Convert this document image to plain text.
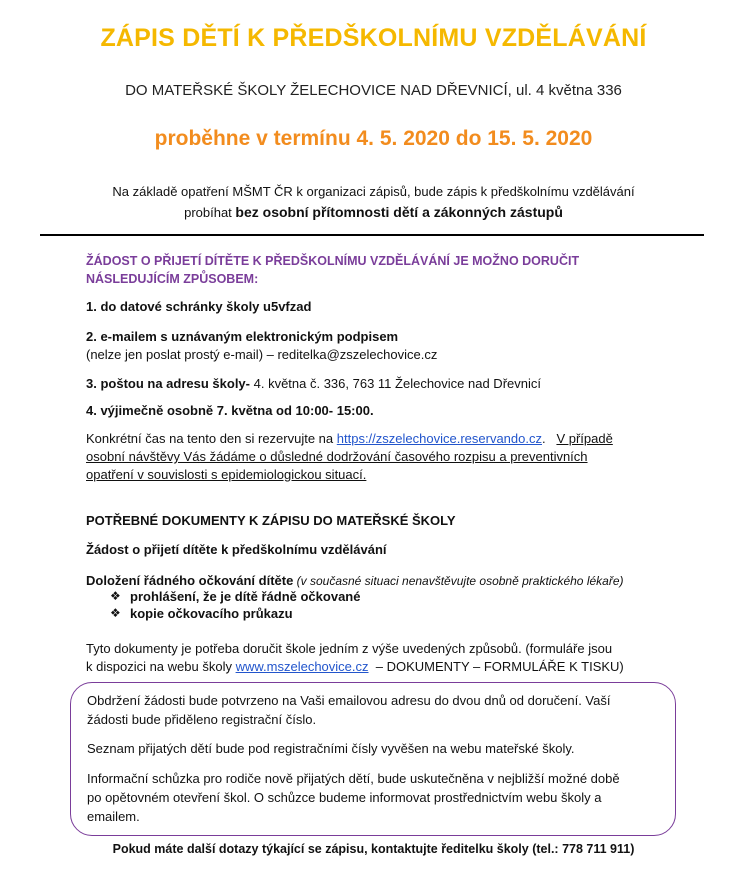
ZÁPIS DĚTÍ K PŘEDŠKOLNÍMU VZDĚLÁVÁNÍ
DO MATEŘSKÉ ŠKOLY ŽELECHOVICE NAD DŘEVNICÍ, ul. 4 května 336
proběhne v termínu 4. 5. 2020 do 15. 5. 2020
Na základě opatření MŠMT ČR k organizaci zápisů, bude zápis k předškolnímu vzdělávání
probíhat bez osobní přítomnosti dětí a zákonných zástupů
ŽÁDOST O PŘIJETÍ DÍTĚTE K PŘEDŠKOLNÍMU VZDĚLÁVÁNÍ JE MOŽNO DORUČIT
NÁSLEDUJÍCÍM ZPŮSOBEM:
1. do datové schránky školy u5vfzad
2. e-mailem s uznávaným elektronickým podpisem
(nelze jen poslat prostý e-mail) – reditelka@zszelechovice.cz
3. poštou na adresu školy- 4. května č. 336, 763 11 Želechovice nad Dřevnicí
4. výjimečně osobně 7. května od 10:00- 15:00.
Konkrétní čas na tento den si rezervujte na https://zszelechovice.reservando.cz.   V případě
osobní návštěvy Vás žádáme o důsledné dodržování časového rozpisu a preventivních
opatření v souvislosti s epidemiologickou situací.
POTŘEBNÉ DOKUMENTY K ZÁPISU DO MATEŘSKÉ ŠKOLY
Žádost o přijetí dítěte k předškolnímu vzdělávání
Doložení řádného očkování dítěte (v současné situaci nenavštěvujte osobně praktického lékaře)
❖ prohlášení, že je dítě řádně očkované
❖ kopie očkovacího průkazu
Tyto dokumenty je potřeba doručit škole jedním z výše uvedených způsobů. (formuláře jsou
k dispozici na webu školy www.mszelechovice.cz  – DOKUMENTY – FORMULÁŘE K TISKU)

Obdržení žádosti bude potvrzeno na Vaši emailovou adresu do dvou dnů od doručení. Vaší
žádosti bude přiděleno registrační číslo.

Seznam přijatých dětí bude pod registračními čísly vyvěšen na webu mateřské školy.

Informační schůzka pro rodiče nově přijatých dětí, bude uskutečněna v nejbližší možné době
po opětovném otevření škol. O schůzce budeme informovat prostřednictvím webu školy a
emailem.

Pokud máte další dotazy týkající se zápisu, kontaktujte ředitelku školy (tel.: 778 711 911)
